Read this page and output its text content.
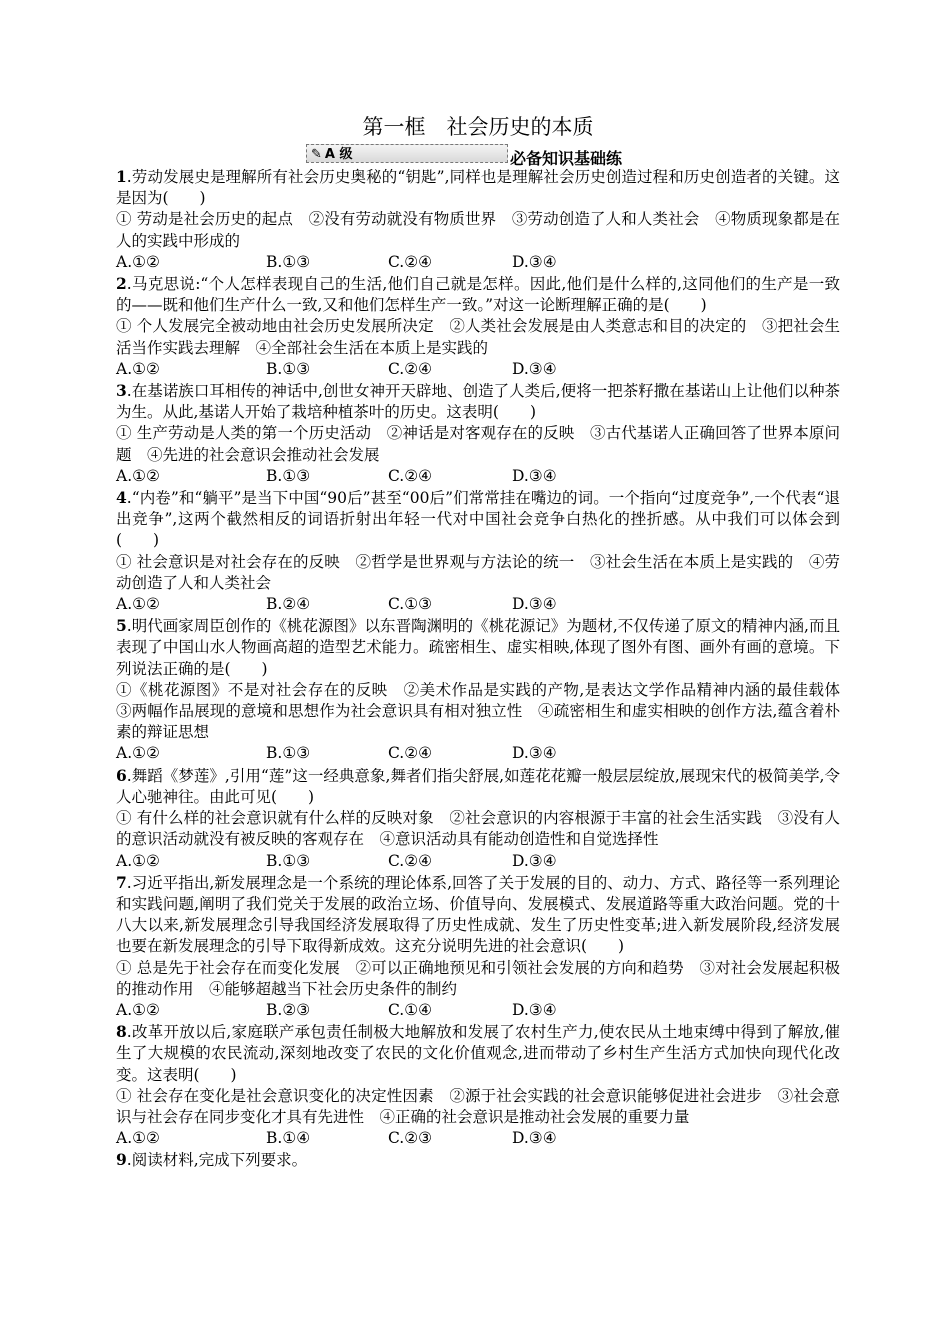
第一框　社会历史的本质
✎ A 级	必备知识基础练

1.劳动发展史是理解所有社会历史奥秘的“钥匙”,同样也是理解社会历史创造过程和历史创造者的关键。这是因为(　　)

① 劳动是社会历史的起点　②没有劳动就没有物质世界　③劳动创造了人和人类社会　④物质现象都是在人的实践中形成的

A.①②	B.①③	C.②④	D.③④

2.马克思说:“个人怎样表现自己的生活,他们自己就是怎样。因此,他们是什么样的,这同他们的生产是一致的——既和他们生产什么一致,又和他们怎样生产一致。”对这一论断理解正确的是(　　)

① 个人发展完全被动地由社会历史发展所决定　②人类社会发展是由人类意志和目的决定的　③把社会生活当作实践去理解　④全部社会生活在本质上是实践的

A.①②	B.①③	C.②④	D.③④

3.在基诺族口耳相传的神话中,创世女神开天辟地、创造了人类后,便将一把茶籽撒在基诺山上让他们以种茶为生。从此,基诺人开始了栽培种植茶叶的历史。这表明(　　)

① 生产劳动是人类的第一个历史活动　②神话是对客观存在的反映　③古代基诺人正确回答了世界本原问题　④先进的社会意识会推动社会发展

A.①②	B.①③	C.②④	D.③④

4.“内卷”和“躺平”是当下中国“90后”甚至“00后”们常常挂在嘴边的词。一个指向“过度竞争”,一个代表“退出竞争”,这两个截然相反的词语折射出年轻一代对中国社会竞争白热化的挫折感。从中我们可以体会到(　　)

① 社会意识是对社会存在的反映　②哲学是世界观与方法论的统一　③社会生活在本质上是实践的　④劳动创造了人和人类社会

A.①②	B.②④	C.①③	D.③④

5.明代画家周臣创作的《桃花源图》以东晋陶渊明的《桃花源记》为题材,不仅传递了原文的精神内涵,而且表现了中国山水人物画高超的造型艺术能力。疏密相生、虚实相映,体现了图外有图、画外有画的意境。下列说法正确的是(　　)

①《桃花源图》不是对社会存在的反映　②美术作品是实践的产物,是表达文学作品精神内涵的最佳载体　③两幅作品展现的意境和思想作为社会意识具有相对独立性　④疏密相生和虚实相映的创作方法,蕴含着朴素的辩证思想

A.①②	B.①③	C.②④	D.③④

6.舞蹈《梦莲》,引用“莲”这一经典意象,舞者们指尖舒展,如莲花花瓣一般层层绽放,展现宋代的极简美学,令人心驰神往。由此可见(　　)

① 有什么样的社会意识就有什么样的反映对象　②社会意识的内容根源于丰富的社会生活实践　③没有人的意识活动就没有被反映的客观存在　④意识活动具有能动创造性和自觉选择性

A.①②	B.①③	C.②④	D.③④

7.习近平指出,新发展理念是一个系统的理论体系,回答了关于发展的目的、动力、方式、路径等一系列理论和实践问题,阐明了我们党关于发展的政治立场、价值导向、发展模式、发展道路等重大政治问题。党的十八大以来,新发展理念引导我国经济发展取得了历史性成就、发生了历史性变革;进入新发展阶段,经济发展也要在新发展理念的引导下取得新成效。这充分说明先进的社会意识(　　)

① 总是先于社会存在而变化发展　②可以正确地预见和引领社会发展的方向和趋势　③对社会发展起积极的推动作用　④能够超越当下社会历史条件的制约

A.①②	B.②③	C.①④	D.③④

8.改革开放以后,家庭联产承包责任制极大地解放和发展了农村生产力,使农民从土地束缚中得到了解放,催生了大规模的农民流动,深刻地改变了农民的文化价值观念,进而带动了乡村生产生活方式加快向现代化改变。这表明(　　)

① 社会存在变化是社会意识变化的决定性因素　②源于社会实践的社会意识能够促进社会进步　③社会意识与社会存在同步变化才具有先进性　④正确的社会意识是推动社会发展的重要力量

A.①②	B.①④	C.②③	D.③④

9.阅读材料,完成下列要求。
